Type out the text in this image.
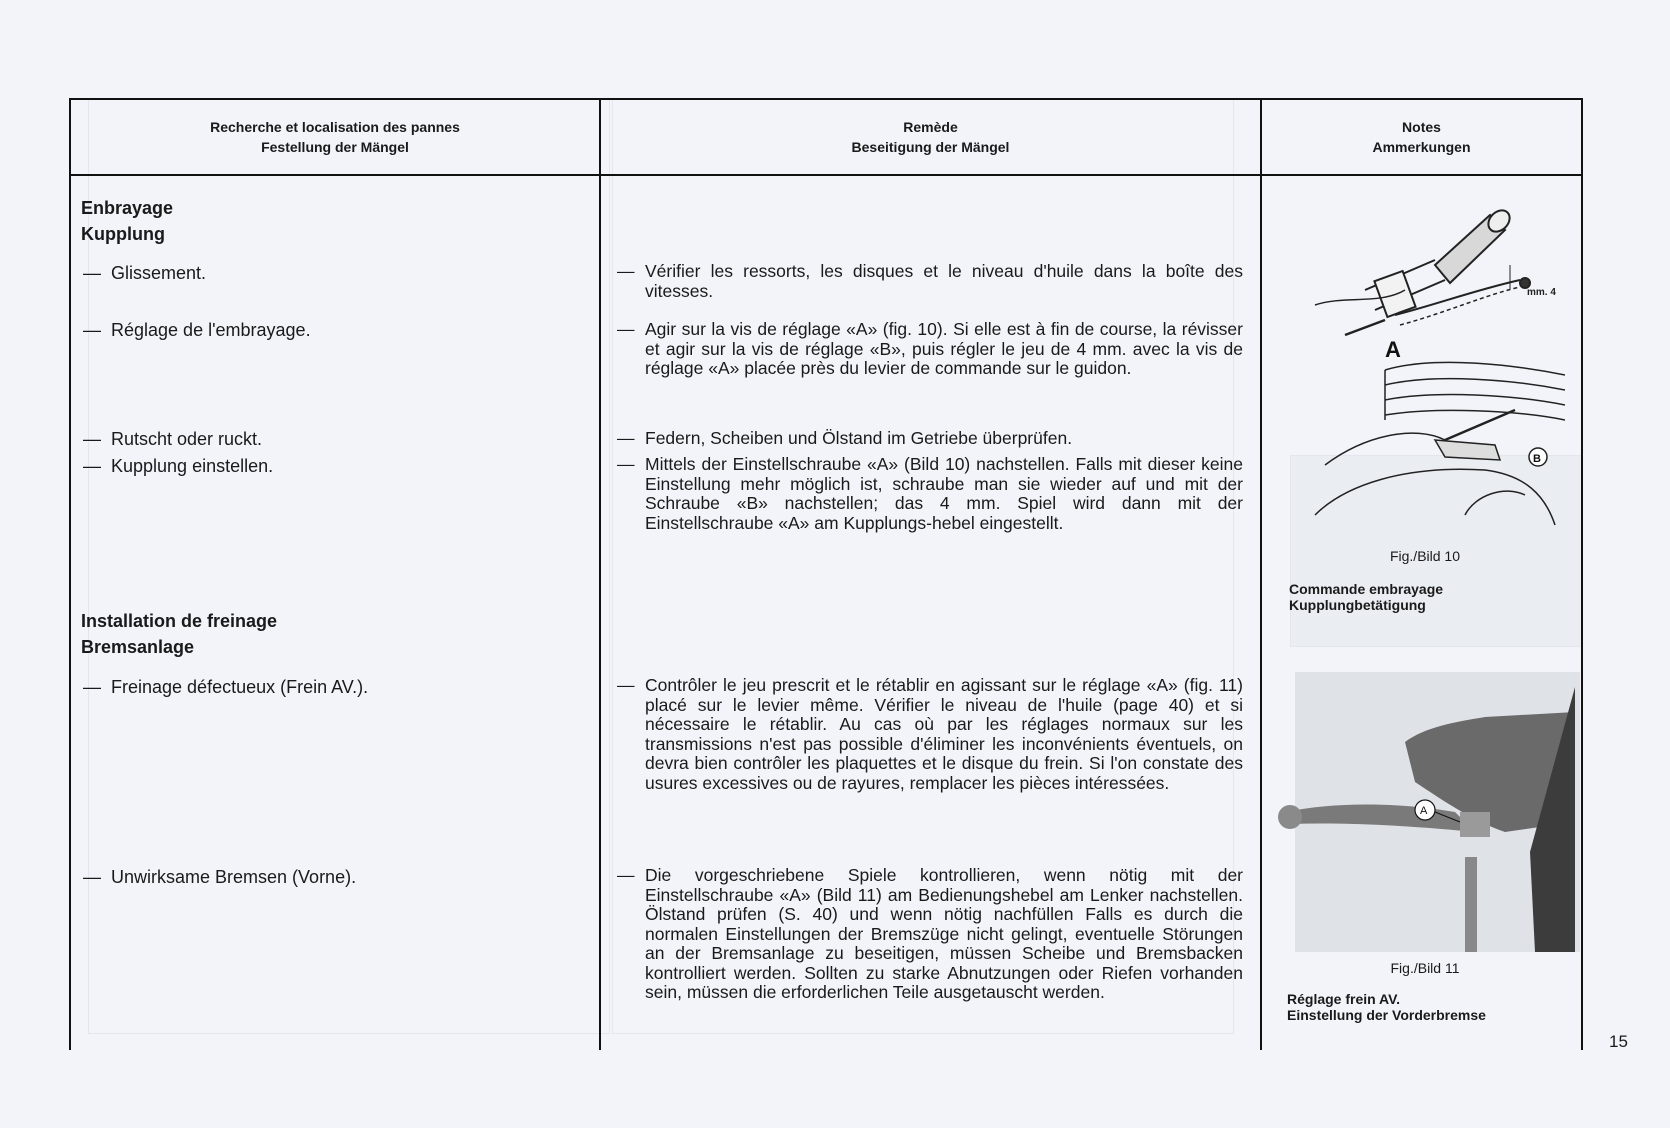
Recherche et localisation des pannes
Festellung der Mängel
Remède
Beseitigung der Mängel
Notes
Ammerkungen
Enbrayage
Kupplung
— Glissement.
— Réglage de l'embrayage.
— Rutscht oder ruckt.
— Kupplung einstellen.
Installation de freinage
Bremsanlage
— Freinage défectueux (Frein AV.).
— Unwirksame Bremsen (Vorne).
— Vérifier les ressorts, les disques et le niveau d'huile dans la boîte des vitesses.
— Agir sur la vis de réglage «A» (fig. 10). Si elle est à fin de course, la révisser et agir sur la vis de réglage «B», puis régler le jeu de 4 mm. avec la vis de réglage «A» placée près du levier de commande sur le guidon.
— Federn, Scheiben und Ölstand im Getriebe überprüfen.
— Mittels der Einstellschraube «A» (Bild 10) nachstellen. Falls mit dieser keine Einstellung mehr möglich ist, schraube man sie wieder auf und mit der Schraube «B» nachstellen; das 4 mm. Spiel wird dann mit der Einstellschraube «A» am Kupplungs-hebel eingestellt.
— Contrôler le jeu prescrit et le rétablir en agissant sur le réglage «A» (fig. 11) placé sur le levier même. Vérifier le niveau de l'huile (page 40) et si nécessaire le rétablir. Au cas où par les réglages normaux sur les transmissions n'est pas possible d'éliminer les inconvénients éventuels, on devra bien contrôler les plaquettes et le disque du frein. Si l'on constate des usures excessives ou de rayures, remplacer les pièces intéressées.
— Die vorgeschriebene Spiele kontrollieren, wenn nötig mit der Einstellschraube «A» (Bild 11) am Bedienungshebel am Lenker nachstellen. Ölstand prüfen (S. 40) und wenn nötig nachfüllen Falls es durch die normalen Einstellungen der Bremszüge nicht gelingt, eventuelle Störungen an der Bremsanlage zu beseitigen, müssen Scheibe und Bremsbacken kontrolliert werden. Sollten zu starke Abnutzungen oder Riefen vorhanden sein, müssen die erforderlichen Teile ausgetauscht werden.
mm. 4
A
B
Fig./Bild 10
Commande embrayage
Kupplungbetätigung
A
Fig./Bild 11
Réglage frein AV.
Einstellung der Vorderbremse
15
